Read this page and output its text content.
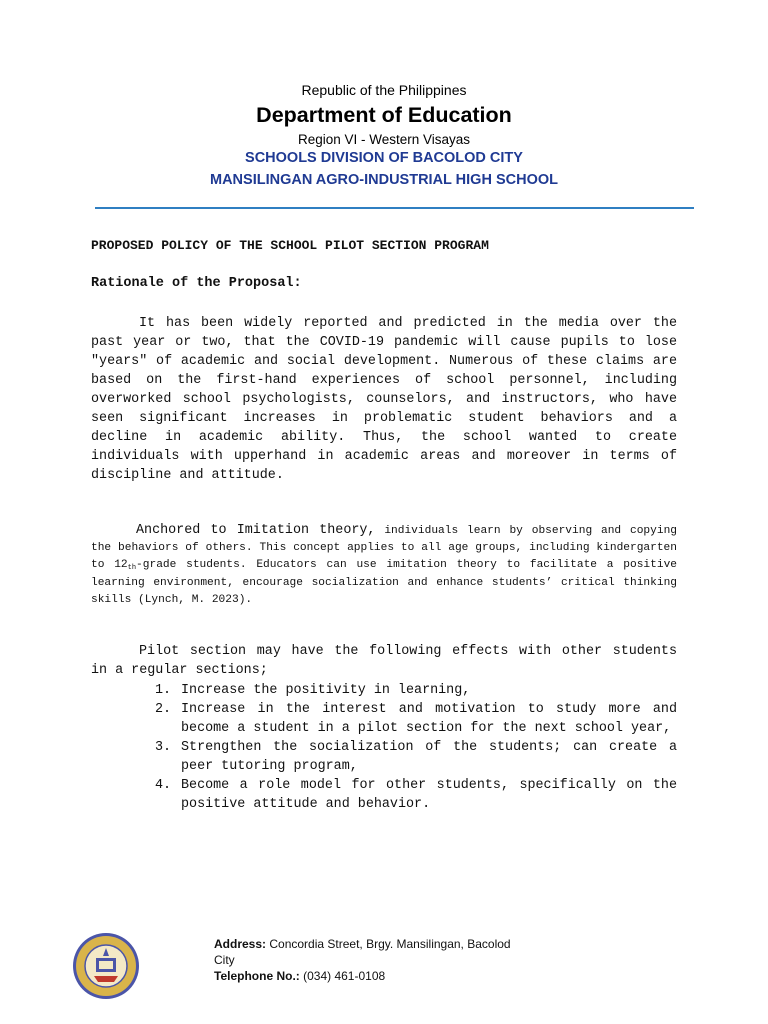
Republic of the Philippines
Department of Education
Region VI - Western Visayas
SCHOOLS DIVISION OF BACOLOD CITY
MANSILINGAN AGRO-INDUSTRIAL HIGH SCHOOL
PROPOSED POLICY OF THE SCHOOL PILOT SECTION PROGRAM
Rationale of the Proposal:

It has been widely reported and predicted in the media over the past year or two, that the COVID-19 pandemic will cause pupils to lose "years" of academic and social development. Numerous of these claims are based on the first-hand experiences of school personnel, including overworked school psychologists, counselors, and instructors, who have seen significant increases in problematic student behaviors and a decline in academic ability. Thus, the school wanted to create individuals with upperhand in academic areas and moreover in terms of discipline and attitude.

Anchored to Imitation theory, individuals learn by observing and copying the behaviors of others. This concept applies to all age groups, including kindergarten to $12_{th}$-grade students. Educators can use imitation theory to facilitate a positive learning environment, encourage socialization and enhance students’ critical thinking skills (Lynch, M. 2023).

Pilot section may have the following effects with other students in a regular sections;

1. Increase the positivity in learning,
2. Increase in the interest and motivation to study more and become a student in a pilot section for the next school year,
3. Strengthen the socialization of the students; can create a peer tutoring program,
4. Become a role model for other students, specifically on the positive attitude and behavior.
Address: Concordia Street, Brgy. Mansilingan, Bacolod City
Telephone No.: (034) 461-0108
